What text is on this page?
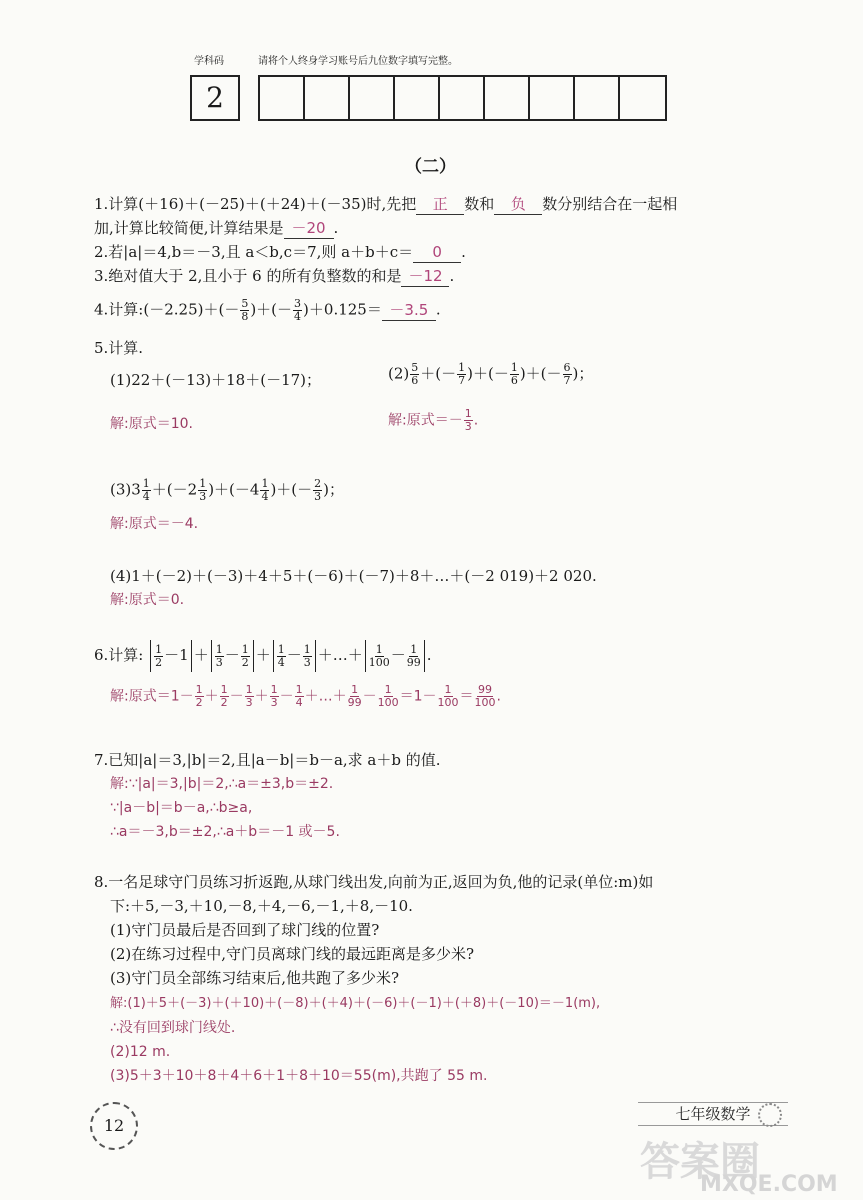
学科码	请将个人终身学习账号后九位数字填写完整。
2
（二）
1.计算(＋16)＋(－25)＋(＋24)＋(－35)时,先把 正 数和 负 数分别结合在一起相
加,计算比较简便,计算结果是 －20 .
2.若|a|＝4,b＝－3,且 a＜b,c＝7,则 a＋b＋c＝ 0 .
3.绝对值大于 2,且小于 6 的所有负整数的和是 －12 .
4.计算:(－2.25)＋(－ $\frac{5}{8}$ )＋(－ $\frac{3}{4} )+0.125= -3.5$ .
5.计算.
(1)22＋(－13)＋18＋(－17)；	$(2) \frac{5}{6}$ ＋(－ $\frac{1}{7}$ )＋(－ $\frac{1}{6}$ )＋(－ $\frac{6}{7}$ )；
解:原式＝10.	解:原式＝－ $\frac{1}{3}$ .
$(3)3 \frac{1}{4} +(-2 \frac{1}{3} )+(-4 \frac{1}{4}$ )＋(－ $\frac{2}{3}$ )；
解:原式＝－4.
(4)1＋(－2)＋(－3)＋4＋5＋(－6)＋(－7)＋8＋…＋(－2 019)＋2 020.
解:原式＝0.
6.计算: $\frac{1}{2} -1 + \frac{1}{3} - \frac{1}{2} + \frac{1}{4} - \frac{1}{3}$ ＋…＋ $\frac{1}{100} - \frac{1}{99}$ .
解:原式$=1- \frac{1}{2} + \frac{1}{2} - \frac{1}{3} + \frac{1}{3} - \frac{1}{4}$ ＋…＋ $\frac{1}{99} - \frac{1}{100} =1- \frac{1}{100} = \frac{99}{100}$ .
7.已知|a|＝3,|b|＝2,且|a－b|＝b－a,求 a＋b 的值.
解:∵|a|＝3,|b|＝2,∴a＝±3,b＝±2.
∵|a－b|＝b－a,∴b≥a,
∴a＝－3,b＝±2,∴a＋b＝－1 或－5.
8.一名足球守门员练习折返跑,从球门线出发,向前为正,返回为负,他的记录(单位:m)如
下:＋5,－3,＋10,－8,＋4,－6,－1,＋8,－10.
(1)守门员最后是否回到了球门线的位置?
(2)在练习过程中,守门员离球门线的最远距离是多少米?
(3)守门员全部练习结束后,他共跑了多少米?
解:(1)＋5＋(－3)＋(＋10)＋(－8)＋(＋4)＋(－6)＋(－1)＋(＋8)＋(－10)＝－1(m),
∴没有回到球门线处.
(2)12 m.
(3)5＋3＋10＋8＋4＋6＋1＋8＋10＝55(m),共跑了 55 m.
12
七年级数学
答案圈
MXQE.COM
